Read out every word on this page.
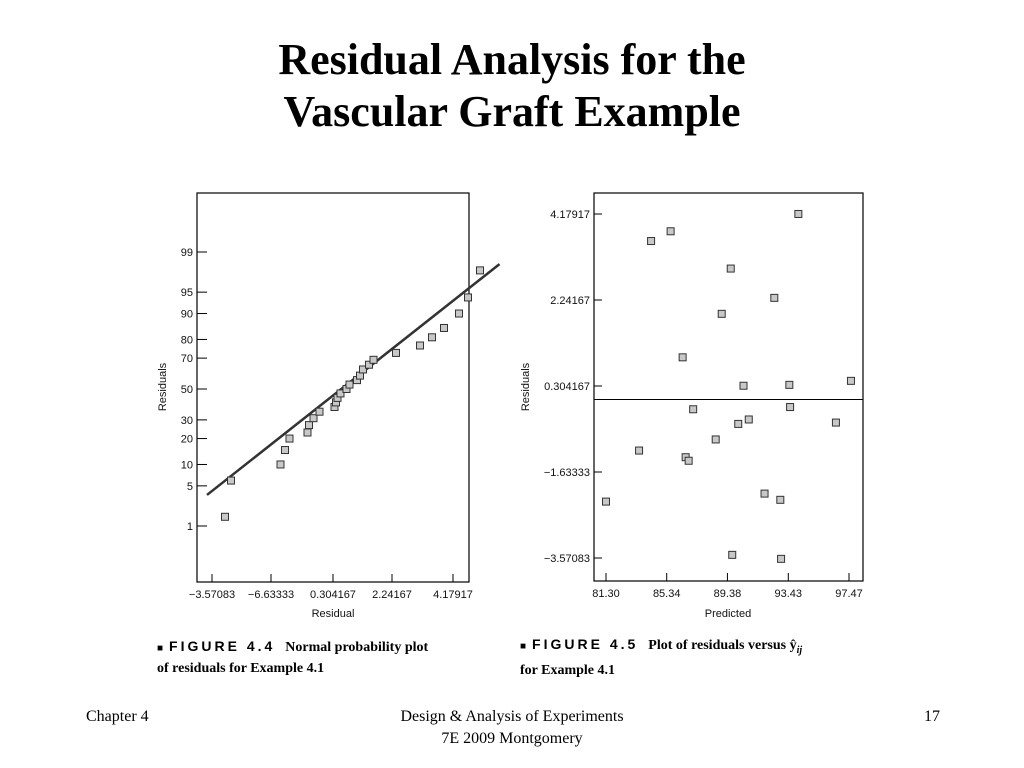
Residual Analysis for the
Vascular Graft Example
1
5
10
20
30
50
70
80
90
95
99
−3.57083 −6.63333 0.304167 2.24167 4.17917
Residual
Residuals
4.17917
2.24167
0.304167
−1.63333
−3.57083
81.30	85.34	89.38	93.43	97.47
Predicted
Residuals
■ FIGURE 4.4 Normal probability plot
of residuals for Example 4.1
■ FIGURE 4.5 Plot of residuals versus $ŷ_{ij}$
for Example 4.1
Chapter 4	Design & Analysis of Experiments
7E 2009 Montgomery
17
